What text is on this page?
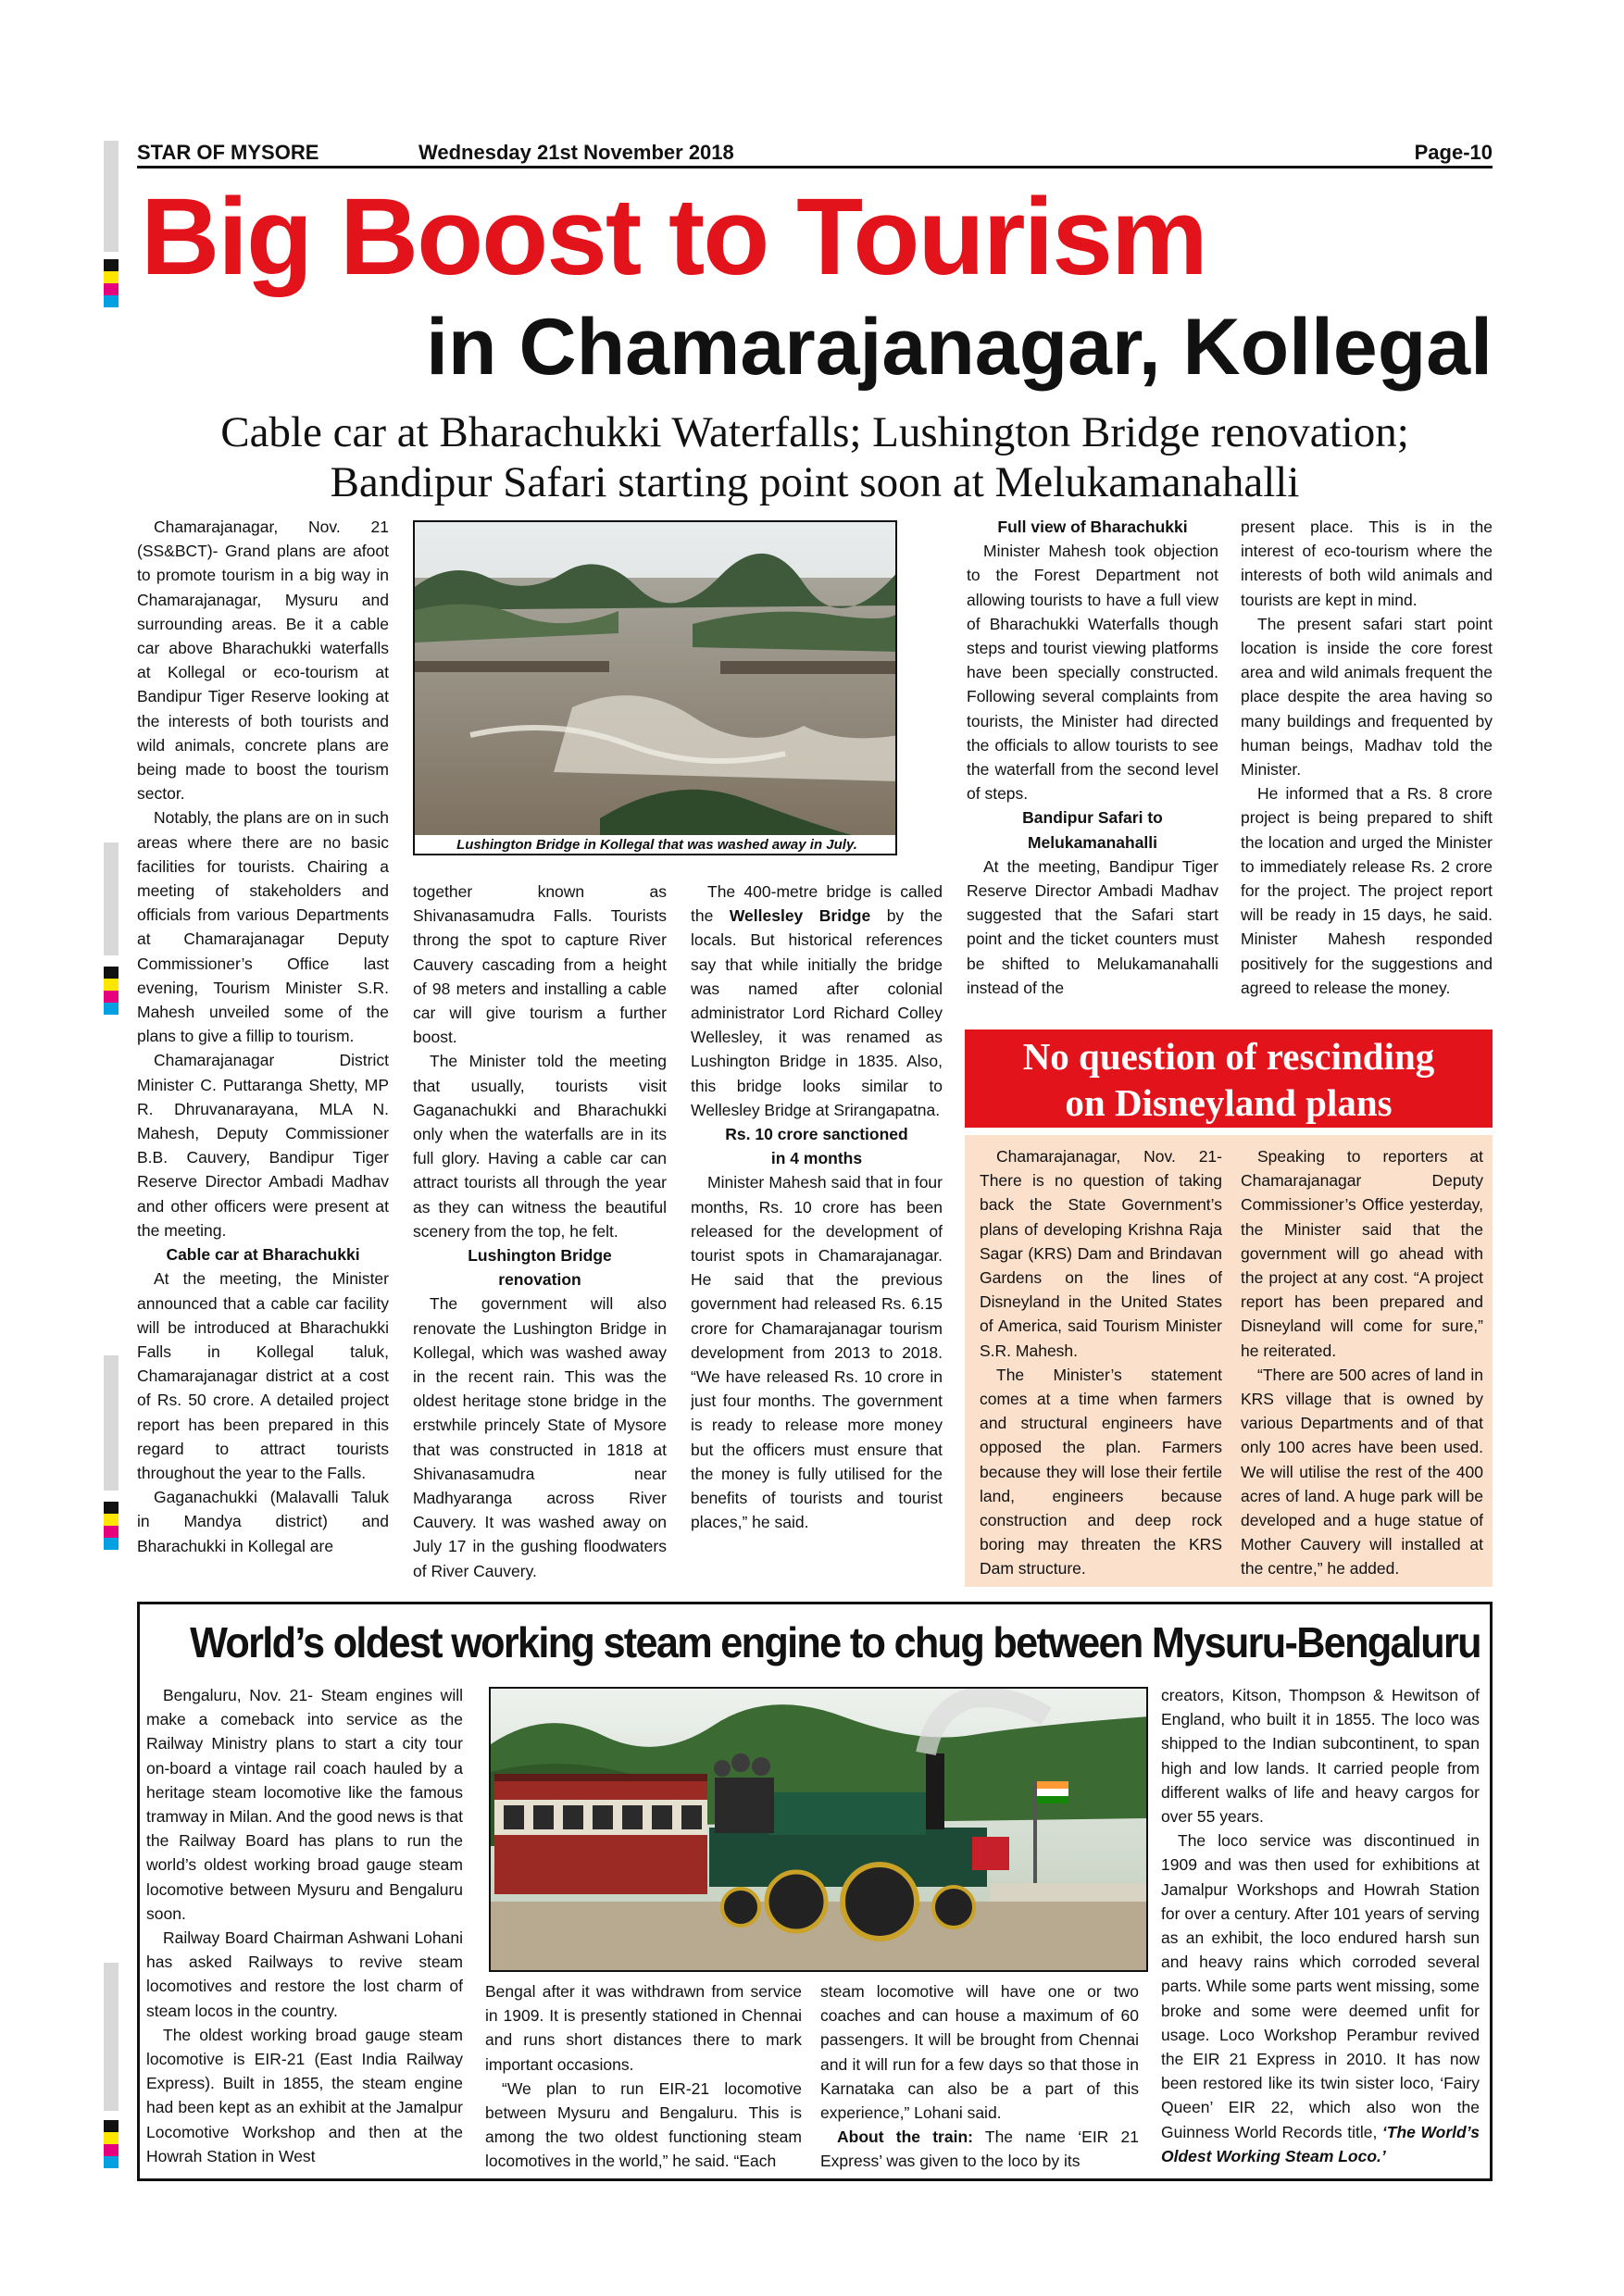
STAR OF MYSORE	Wednesday 21st November 2018	Page-10
Big Boost to Tourism
in Chamarajanagar, Kollegal
Cable car at Bharachukki Waterfalls; Lushington Bridge renovation;
Bandipur Safari starting point soon at Melukamanahalli

Chamarajanagar, Nov. 21 (SS&BCT)- Grand plans are afoot to promote tourism in a big way in Chamarajanagar, Mysuru and surrounding areas. Be it a cable car above Bharachukki waterfalls at Kollegal or eco-tourism at Bandipur Tiger Reserve looking at the interests of both tourists and wild animals, concrete plans are being made to boost the tourism sector.

Notably, the plans are on in such areas where there are no basic facilities for tourists. Chairing a meeting of stakeholders and officials from various Departments at Chamarajanagar Deputy Commissioner’s Office last evening, Tourism Minister S.R. Mahesh unveiled some of the plans to give a fillip to tourism.

Chamarajanagar District Minister C. Puttaranga Shetty, MP R. Dhruvanarayana, MLA N. Mahesh, Deputy Commissioner B.B. Cauvery, Bandipur Tiger Reserve Director Ambadi Madhav and other officers were present at the meeting.

Cable car at Bharachukki

At the meeting, the Minister announced that a cable car facility will be introduced at Bharachukki Falls in Kollegal taluk, Chamarajanagar district at a cost of Rs. 50 crore. A detailed project report has been prepared in this regard to attract tourists throughout the year to the Falls.

Gaganachukki (Malavalli Taluk in Mandya district) and Bharachukki in Kollegal are

Lushington Bridge in Kollegal that was washed away in July.

together known as Shivanasamudra Falls. Tourists throng the spot to capture River Cauvery cascading from a height of 98 meters and installing a cable car will give tourism a further boost.

The Minister told the meeting that usually, tourists visit Gaganachukki and Bharachukki only when the waterfalls are in its full glory. Having a cable car can attract tourists all through the year as they can witness the beautiful scenery from the top, he felt.

Lushington Bridge

renovation

The government will also renovate the Lushington Bridge in Kollegal, which was washed away in the recent rain. This was the oldest heritage stone bridge in the erstwhile princely State of Mysore that was constructed in 1818 at Shivanasamudra near Madhyaranga across River Cauvery. It was washed away on July 17 in the gushing floodwaters of River Cauvery.

The 400-metre bridge is called the Wellesley Bridge by the locals. But historical references say that while initially the bridge was named after colonial administrator Lord Richard Colley Wellesley, it was renamed as Lushington Bridge in 1835. Also, this bridge looks similar to Wellesley Bridge at Srirangapatna.

Rs. 10 crore sanctioned

in 4 months

Minister Mahesh said that in four months, Rs. 10 crore has been released for the development of tourist spots in Chamarajanagar. He said that the previous government had released Rs. 6.15 crore for Chamarajanagar tourism development from 2013 to 2018. “We have released Rs. 10 crore in just four months. The government is ready to release more money but the officers must ensure that the money is fully utilised for the benefits of tourists and tourist places,” he said.

Full view of Bharachukki

Minister Mahesh took objection to the Forest Department not allowing tourists to have a full view of Bharachukki Waterfalls though steps and tourist viewing platforms have been specially constructed. Following several complaints from tourists, the Minister had directed the officials to allow tourists to see the waterfall from the second level of steps.

Bandipur Safari to

Melukamanahalli

At the meeting, Bandipur Tiger Reserve Director Ambadi Madhav suggested that the Safari start point and the ticket counters must be shifted to Melukamanahalli instead of the

present place. This is in the interest of eco-tourism where the interests of both wild animals and tourists are kept in mind.

The present safari start point location is inside the core forest area and wild animals frequent the place despite the area having so many buildings and frequented by human beings, Madhav told the Minister.

He informed that a Rs. 8 crore project is being prepared to shift the location and urged the Minister to immediately release Rs. 2 crore for the project. The project report will be ready in 15 days, he said. Minister Mahesh responded positively for the suggestions and agreed to release the money.

No question of rescinding
on Disneyland plans

Chamarajanagar, Nov. 21- There is no question of taking back the State Government’s plans of developing Krishna Raja Sagar (KRS) Dam and Brindavan Gardens on the lines of Disneyland in the United States of America, said Tourism Minister S.R. Mahesh.

The Minister’s statement comes at a time when farmers and structural engineers have opposed the plan. Farmers because they will lose their fertile land, engineers because construction and deep rock boring may threaten the KRS Dam structure.

Speaking to reporters at Chamarajanagar Deputy Commissioner’s Office yesterday, the Minister said that the government will go ahead with the project at any cost. “A project report has been prepared and Disneyland will come for sure,” he reiterated.

“There are 500 acres of land in KRS village that is owned by various Departments and of that only 100 acres have been used. We will utilise the rest of the 400 acres of land. A huge park will be developed and a huge statue of Mother Cauvery will installed at the centre,” he added.

World’s oldest working steam engine to chug between Mysuru-Bengaluru

Bengaluru, Nov. 21- Steam engines will make a comeback into service as the Railway Ministry plans to start a city tour on-board a vintage rail coach hauled by a heritage steam locomotive like the famous tramway in Milan. And the good news is that the Railway Board has plans to run the world’s oldest working broad gauge steam locomotive between Mysuru and Bengaluru soon.

Railway Board Chairman Ashwani Lohani has asked Railways to revive steam locomotives and restore the lost charm of steam locos in the country.

The oldest working broad gauge steam locomotive is EIR-21 (East India Railway Express). Built in 1855, the steam engine had been kept as an exhibit at the Jamalpur Locomotive Workshop and then at the Howrah Station in West

Bengal after it was withdrawn from service in 1909. It is presently stationed in Chennai and runs short distances there to mark important occasions.

“We plan to run EIR-21 locomotive between Mysuru and Bengaluru. This is among the two oldest functioning steam locomotives in the world,” he said. “Each

steam locomotive will have one or two coaches and can house a maximum of 60 passengers. It will be brought from Chennai and it will run for a few days so that those in Karnataka can also be a part of this experience,” Lohani said.

About the train: The name ‘EIR 21 Express’ was given to the loco by its

creators, Kitson, Thompson & Hewitson of England, who built it in 1855. The loco was shipped to the Indian subcontinent, to span high and low lands. It carried people from different walks of life and heavy cargos for over 55 years.

The loco service was discontinued in 1909 and was then used for exhibitions at Jamalpur Workshops and Howrah Station for over a century. After 101 years of serving as an exhibit, the loco endured harsh sun and heavy rains which corroded several parts. While some parts went missing, some broke and some were deemed unfit for usage. Loco Workshop Perambur revived the EIR 21 Express in 2010. It has now been restored like its twin sister loco, ‘Fairy Queen’ EIR 22, which also won the Guinness World Records title, ‘The World’s Oldest Working Steam Loco.’
